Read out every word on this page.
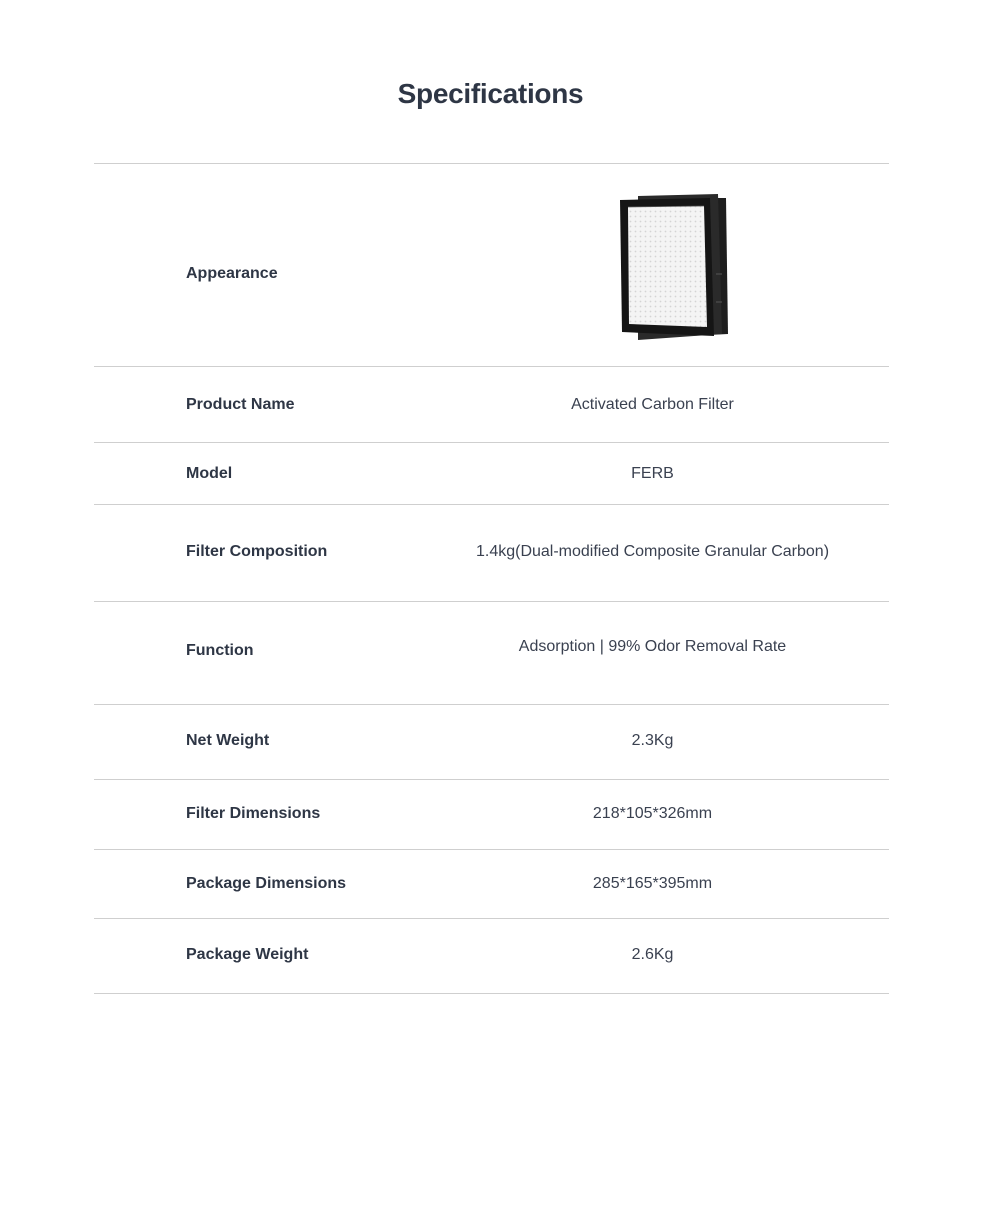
Specifications
Appearance
Product Name	Activated Carbon Filter
Model	FERB
Filter Composition	1.4kg(Dual-modified Composite Granular Carbon)
Function	Adsorption | 99% Odor Removal Rate
Net Weight	2.3Kg
Filter Dimensions	218*105*326mm
Package Dimensions	285*165*395mm
Package Weight	2.6Kg
